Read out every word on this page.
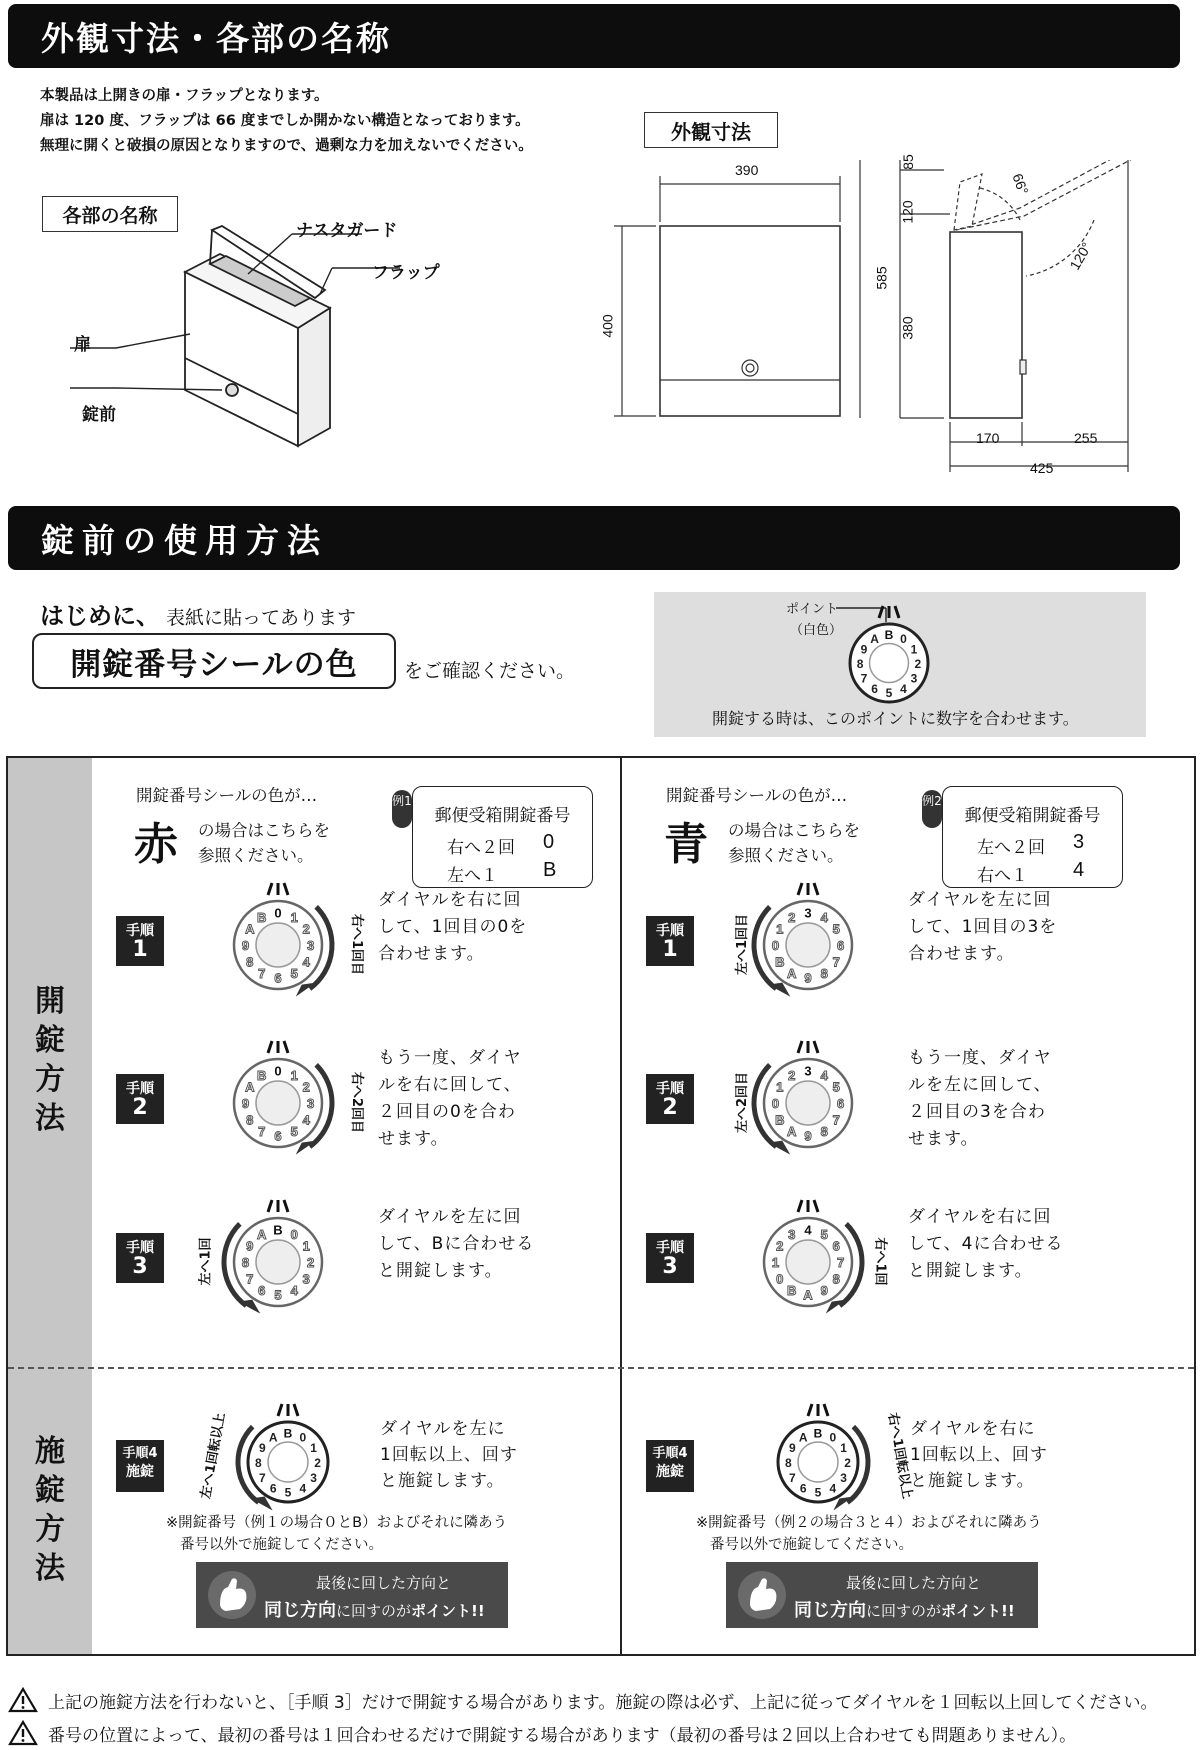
外観寸法・各部の名称
本製品は上開きの扉・フラップとなります。
扉は 120 度、フラップは 66 度までしか開かない構造となっております。
無理に開くと破損の原因となりますので、過剰な力を加えないでください。
各部の名称
ナスタガード
フラップ
扉
錠前
外観寸法
390
400
585
85
120
380
170	255
425
66°
120°
錠前の使用方法
はじめに、 表紙に貼ってあります
開錠番号シールの色	をご確認ください。
ポイント
（白色）	B 0
1
2
3
4
5
6
7
8
9
A
開錠する時は、このポイントに数字を合わせます。
開錠方法
施錠方法
開錠番号シールの色が…
赤 の場合はこちらを
参照ください。
例1
郵便受箱開錠番号
右へ２回 0
左へ１ B
手順
1
0 1
2
3
4
5
6
7
8
9
A
B	右へ1回目
ダイヤルを右に回
して、1回目の0を
合わせます。
手順
2
0 1
2
3
4
5
6
7
8
9
A
B	右へ2回目
もう一度、ダイヤ
ルを右に回して、
２回目の0を合わ
せます。
手順
3
B 0
1
2
3
4
5
6
7
8
9
A
左へ1回
ダイヤルを左に回
して、Bに合わせる
と開錠します。
手順4
施錠
B 0
1
2
3
4
5
6
7
8
9
A
左へ1回転以上	ダイヤルを左に
1回転以上、回す
と施錠します。
※開錠番号（例１の場合０とB）およびそれに隣あう
番号以外で施錠してください。
最後に回した方向と
同じ方向に回すのがポイント!!
開錠番号シールの色が…
青 の場合はこちらを
参照ください。
例2
郵便受箱開錠番号
左へ２回 3
右へ１ 4
手順
1
3 4
5
6
7
8
9
A
B
0
1
2
左へ1回目
ダイヤルを左に回
して、1回目の3を
合わせます。
手順
2
3 4
5
6
7
8
9
A
B
0
1
2
左へ2回目
もう一度、ダイヤ
ルを左に回して、
２回目の3を合わ
せます。
手順
3
4 5
6
7
8
9
A
B
0
1
2
3
右へ1回
ダイヤルを右に回
して、4に合わせる
と開錠します。
手順4
施錠
B 0
1
2
3
4
5
6
7
8
9
A	右へ1回転以上
ダイヤルを右に
1回転以上、回す
と施錠します。
※開錠番号（例２の場合３と４）およびそれに隣あう
番号以外で施錠してください。
最後に回した方向と
同じ方向に回すのがポイント!!
上記の施錠方法を行わないと、［手順 3］だけで開錠する場合があります。施錠の際は必ず、上記に従ってダイヤルを１回転以上回してください。
番号の位置によって、最初の番号は１回合わせるだけで開錠する場合があります（最初の番号は２回以上合わせても問題ありません）。
